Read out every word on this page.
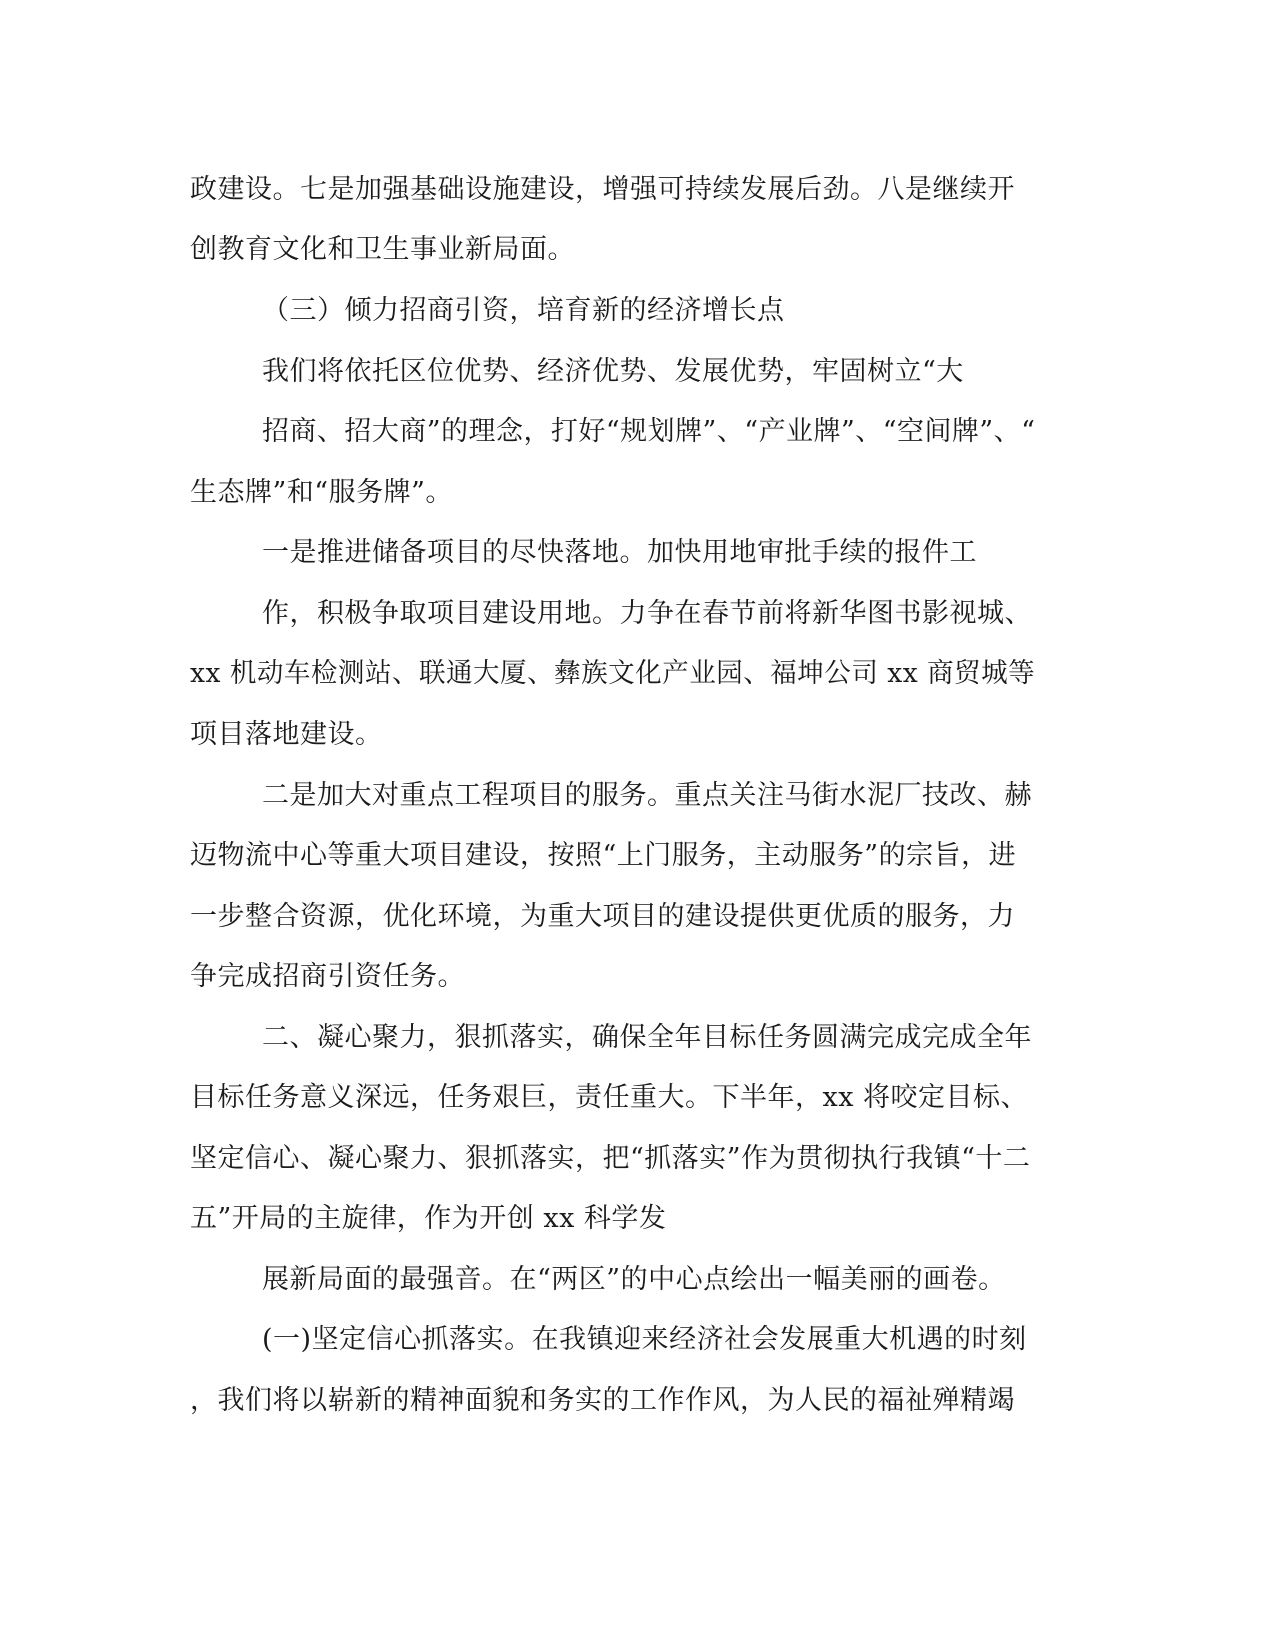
政建设。七是加强基础设施建设，增强可持续发展后劲。八是继续开
创教育文化和卫生事业新局面。
（三）倾力招商引资，培育新的经济增长点
我们将依托区位优势、经济优势、发展优势，牢固树立“大
招商、招大商”的理念，打好“规划牌”、“产业牌”、“空间牌”、“
生态牌”和“服务牌”。
一是推进储备项目的尽快落地。加快用地审批手续的报件工
作，积极争取项目建设用地。力争在春节前将新华图书影视城、
xx 机动车检测站、联通大厦、彝族文化产业园、福坤公司 xx 商贸城等
项目落地建设。
二是加大对重点工程项目的服务。重点关注马街水泥厂技改、赫
迈物流中心等重大项目建设，按照“上门服务，主动服务”的宗旨，进
一步整合资源，优化环境，为重大项目的建设提供更优质的服务，力
争完成招商引资任务。
二、凝心聚力，狠抓落实，确保全年目标任务圆满完成完成全年
目标任务意义深远，任务艰巨，责任重大。下半年，xx 将咬定目标、
坚定信心、凝心聚力、狠抓落实，把“抓落实”作为贯彻执行我镇“十二
五”开局的主旋律，作为开创 xx 科学发
展新局面的最强音。在“两区”的中心点绘出一幅美丽的画卷。
(一)坚定信心抓落实。在我镇迎来经济社会发展重大机遇的时刻
，我们将以崭新的精神面貌和务实的工作作风，为人民的福祉殚精竭
